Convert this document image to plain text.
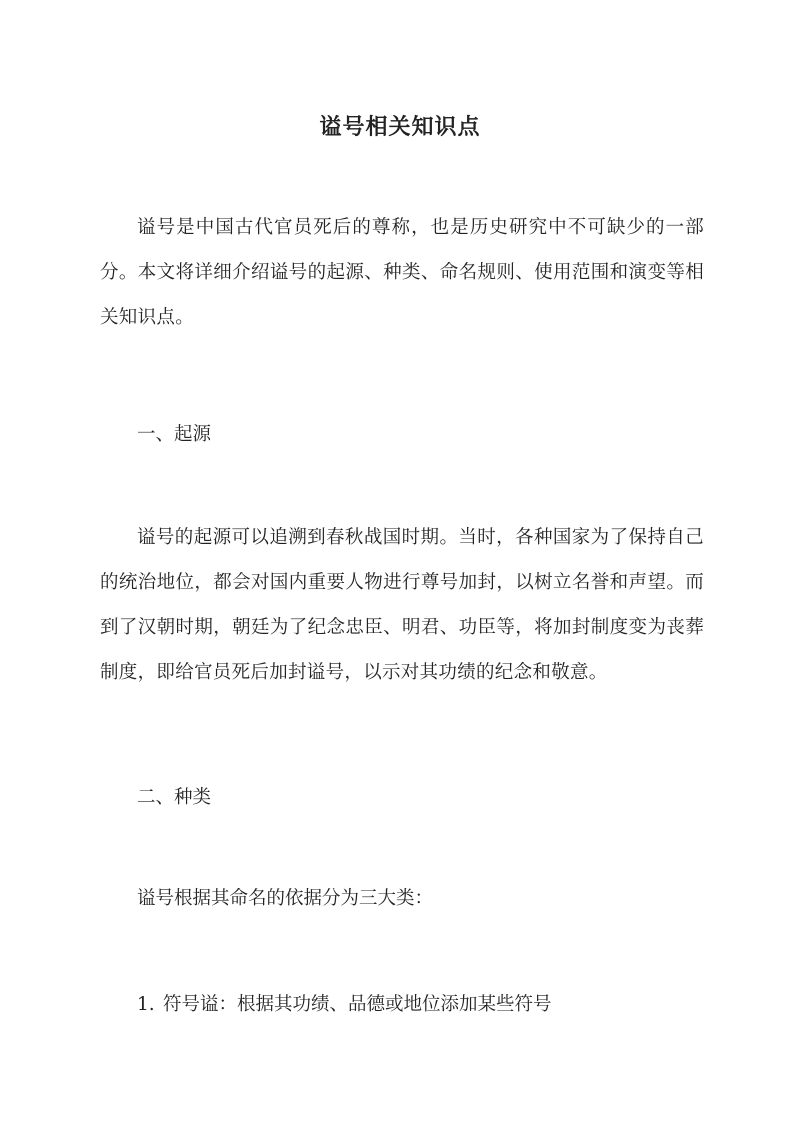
谥号相关知识点

谥号是中国古代官员死后的尊称，也是历史研究中不可缺少的一部分。本文将详细介绍谥号的起源、种类、命名规则、使用范围和演变等相关知识点。

一、起源

谥号的起源可以追溯到春秋战国时期。当时，各种国家为了保持自己的统治地位，都会对国内重要人物进行尊号加封，以树立名誉和声望。而到了汉朝时期，朝廷为了纪念忠臣、明君、功臣等，将加封制度变为丧葬制度，即给官员死后加封谥号，以示对其功绩的纪念和敬意。

二、种类

谥号根据其命名的依据分为三大类：

1. 符号谥：根据其功绩、品德或地位添加某些符号
